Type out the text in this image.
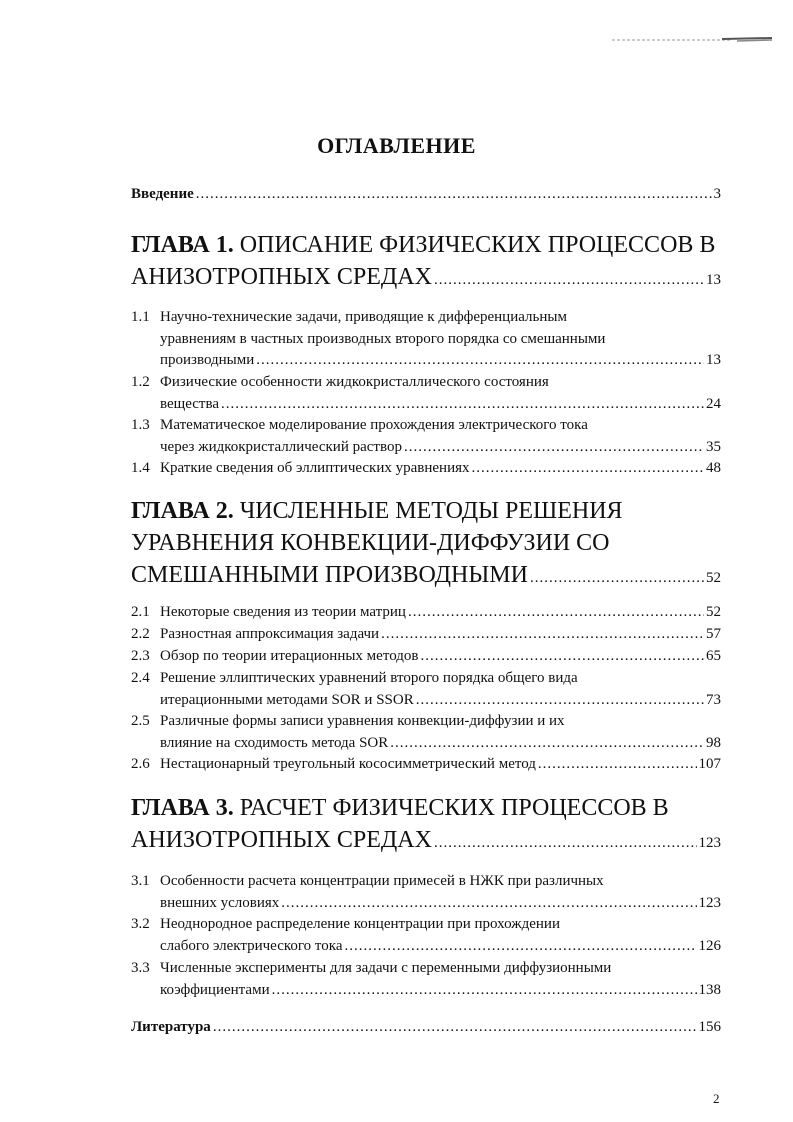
ОГЛАВЛЕНИЕ
Введение .....	3
ГЛАВА 1. ОПИСАНИЕ ФИЗИЧЕСКИХ ПРОЦЕССОВ В
АНИЗОТРОПНЫХ СРЕДАХ .....	13
1.1 Научно-технические задачи, приводящие к дифференциальным
уравнениям в частных производных второго порядка со смешанными
производными .....	13
1.2 Физические особенности жидкокристаллического состояния
вещества .....	24
1.3 Математическое моделирование прохождения электрического тока
через жидкокристаллический раствор .....	35
1.4 Краткие сведения об эллиптических уравнениях .....	48
ГЛАВА 2. ЧИСЛЕННЫЕ МЕТОДЫ РЕШЕНИЯ
УРАВНЕНИЯ КОНВЕКЦИИ-ДИФФУЗИИ СО
СМЕШАННЫМИ ПРОИЗВОДНЫМИ .....	52
2.1 Некоторые сведения из теории матриц .....	52
2.2 Разностная аппроксимация задачи .....	57
2.3 Обзор по теории итерационных методов .....	65
2.4 Решение эллиптических уравнений второго порядка общего вида
итерационными методами SOR и SSOR .....	73
2.5 Различные формы записи уравнения конвекции-диффузии и их
влияние на сходимость метода SOR .....	98
2.6 Нестационарный треугольный кососимметрический метод .....	107
ГЛАВА 3. РАСЧЕТ ФИЗИЧЕСКИХ ПРОЦЕССОВ В
АНИЗОТРОПНЫХ СРЕДАХ .....	123
3.1 Особенности расчета концентрации примесей в НЖК при различных
внешних условиях .....	123
3.2 Неоднородное распределение концентрации при прохождении
слабого электрического тока .....	126
3.3 Численные эксперименты для задачи с переменными диффузионными
коэффициентами .....	138
Литература .....	156
2
